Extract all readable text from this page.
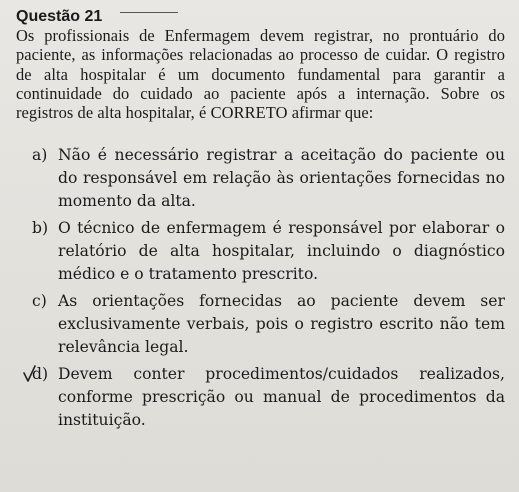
Questão 21

Os profissionais de Enfermagem devem registrar, no prontuário do paciente, as informações relacionadas ao processo de cuidar. O registro de alta hospitalar é um documento fundamental para garantir a continuidade do cuidado ao paciente após a internação. Sobre os registros de alta hospitalar, é CORRETO afirmar que:

a) Não é necessário registrar a aceitação do paciente ou do responsável em relação às orientações fornecidas no momento da alta.
b) O técnico de enfermagem é responsável por elaborar o relatório de alta hospitalar, incluindo o diagnóstico médico e o tratamento prescrito.
c) As orientações fornecidas ao paciente devem ser exclusivamente verbais, pois o registro escrito não tem relevância legal.
d) Devem conter procedimentos/cuidados realizados, conforme prescrição ou manual de procedimentos da instituição.
